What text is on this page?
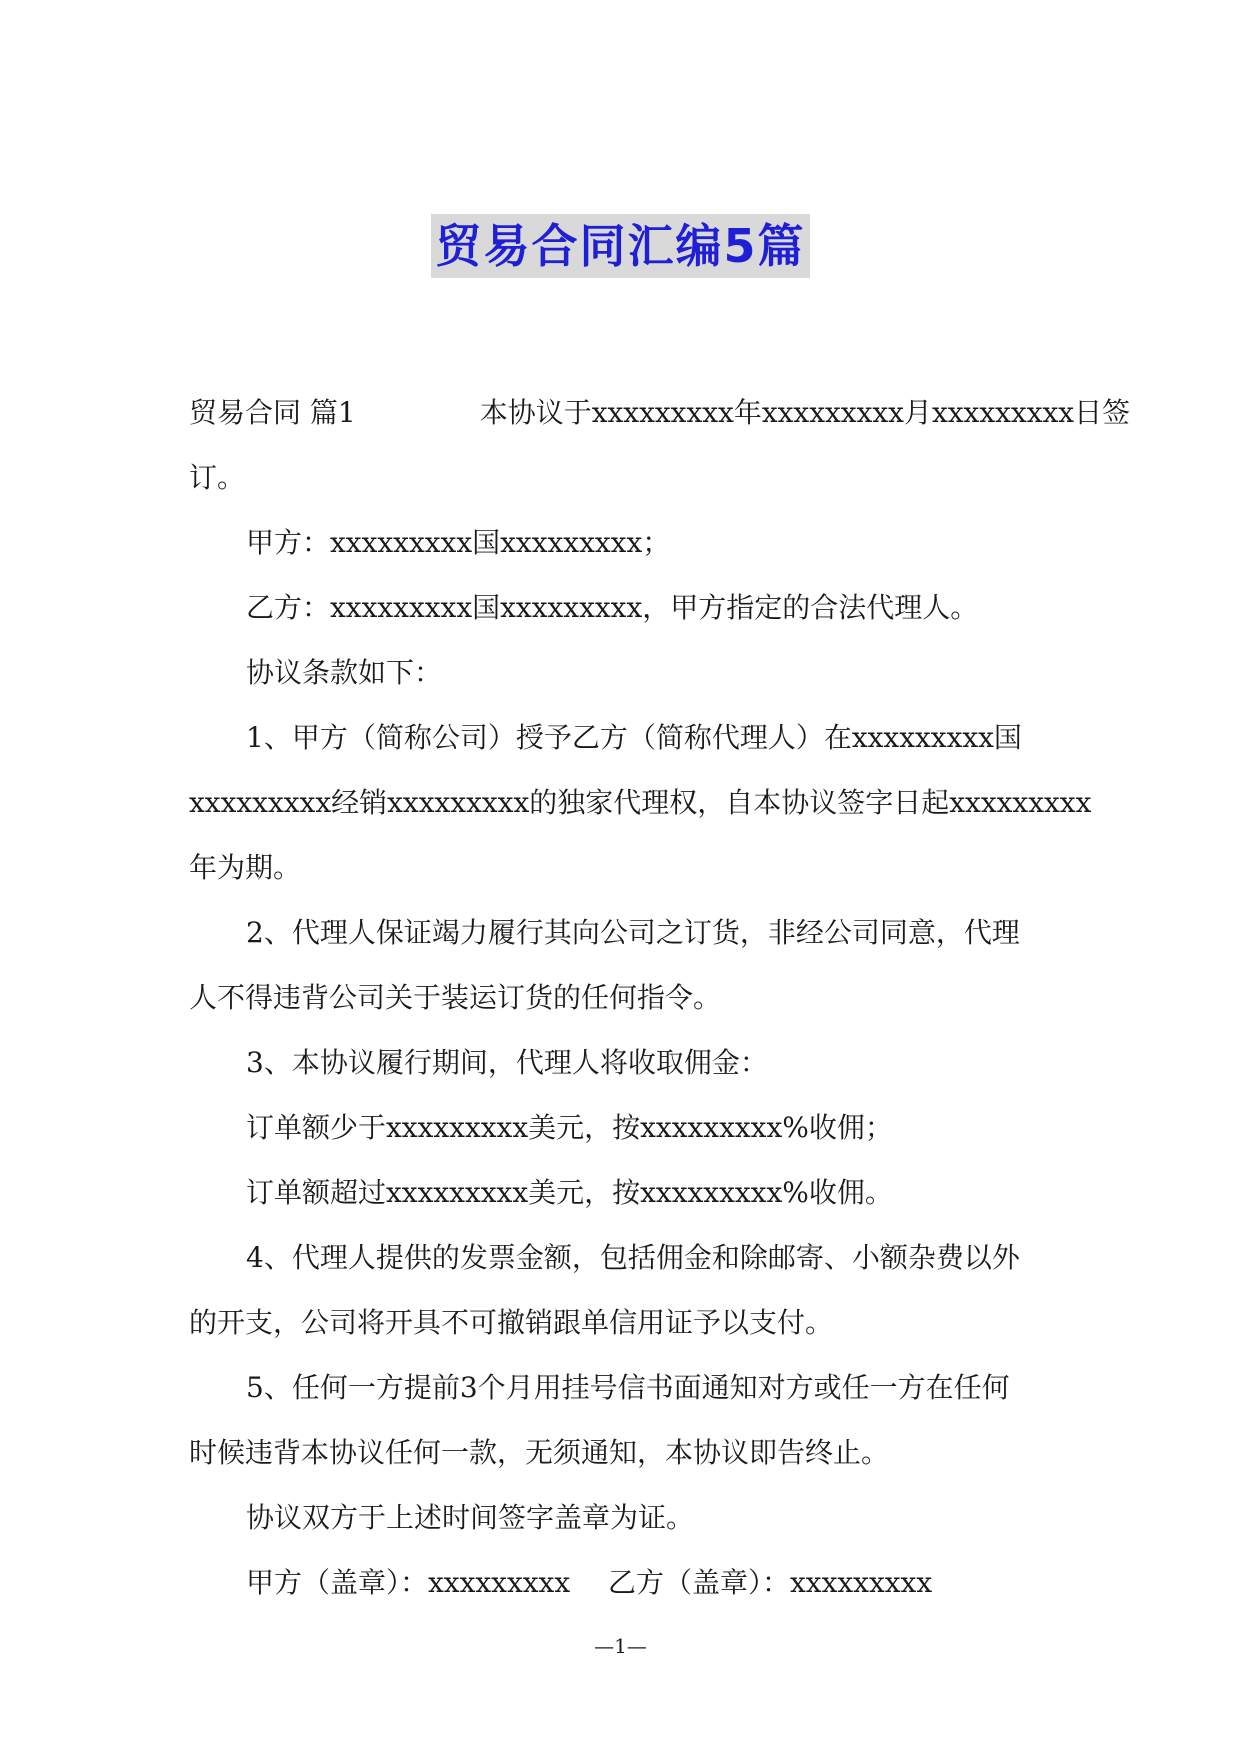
贸易合同汇编5篇
贸易合同 篇1	本协议于xxxxxxxxx年xxxxxxxxx月xxxxxxxxx日签
订。
甲方：xxxxxxxxx国xxxxxxxxx；
乙方：xxxxxxxxx国xxxxxxxxx，甲方指定的合法代理人。
协议条款如下：
1、甲方（简称公司）授予乙方（简称代理人）在xxxxxxxxx国
xxxxxxxxx经销xxxxxxxxx的独家代理权，自本协议签字日起xxxxxxxxx
年为期。
2、代理人保证竭力履行其向公司之订货，非经公司同意，代理
人不得违背公司关于装运订货的任何指令。
3、本协议履行期间，代理人将收取佣金：
订单额少于xxxxxxxxx美元，按xxxxxxxxx%收佣；
订单额超过xxxxxxxxx美元，按xxxxxxxxx%收佣。
4、代理人提供的发票金额，包括佣金和除邮寄、小额杂费以外
的开支，公司将开具不可撤销跟单信用证予以支付。
5、任何一方提前3个月用挂号信书面通知对方或任一方在任何
时候违背本协议任何一款，无须通知，本协议即告终止。
协议双方于上述时间签字盖章为证。
甲方（盖章）：xxxxxxxxx	乙方（盖章）：xxxxxxxxx
—1—
